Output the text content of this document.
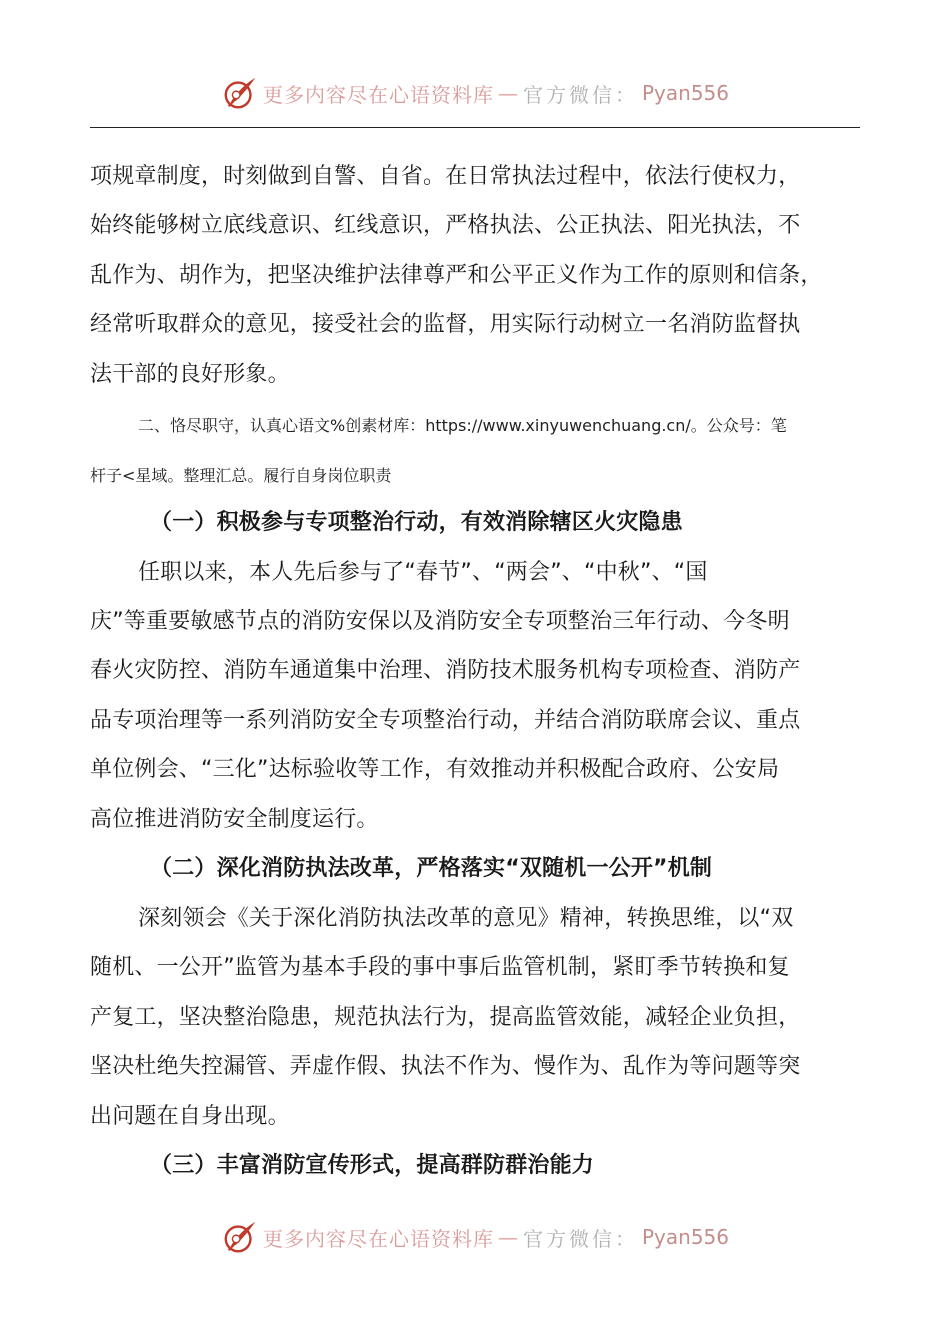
更多内容尽在心语资料库 — 官方微信： Pyan556
项规章制度，时刻做到自警、自省。在日常执法过程中，依法行使权力，
始终能够树立底线意识、红线意识，严格执法、公正执法、阳光执法，不
乱作为、胡作为，把坚决维护法律尊严和公平正义作为工作的原则和信条，
经常听取群众的意见，接受社会的监督，用实际行动树立一名消防监督执
法干部的良好形象。
二、恪尽职守，认真心语文%创素材库：https://www.xinyuwenchuang.cn/。公众号：笔
杆子<星域。整理汇总。履行自身岗位职责
（一）积极参与专项整治行动，有效消除辖区火灾隐患
任职以来，本人先后参与了“春节”、“两会”、“中秋”、“国
庆”等重要敏感节点的消防安保以及消防安全专项整治三年行动、今冬明
春火灾防控、消防车通道集中治理、消防技术服务机构专项检查、消防产
品专项治理等一系列消防安全专项整治行动，并结合消防联席会议、重点
单位例会、“三化”达标验收等工作，有效推动并积极配合政府、公安局
高位推进消防安全制度运行。
（二）深化消防执法改革，严格落实“双随机一公开”机制
深刻领会《关于深化消防执法改革的意见》精神，转换思维，以“双
随机、一公开”监管为基本手段的事中事后监管机制，紧盯季节转换和复
产复工，坚决整治隐患，规范执法行为，提高监管效能，减轻企业负担，
坚决杜绝失控漏管、弄虚作假、执法不作为、慢作为、乱作为等问题等突
出问题在自身出现。
（三）丰富消防宣传形式，提高群防群治能力
更多内容尽在心语资料库 — 官方微信： Pyan556
